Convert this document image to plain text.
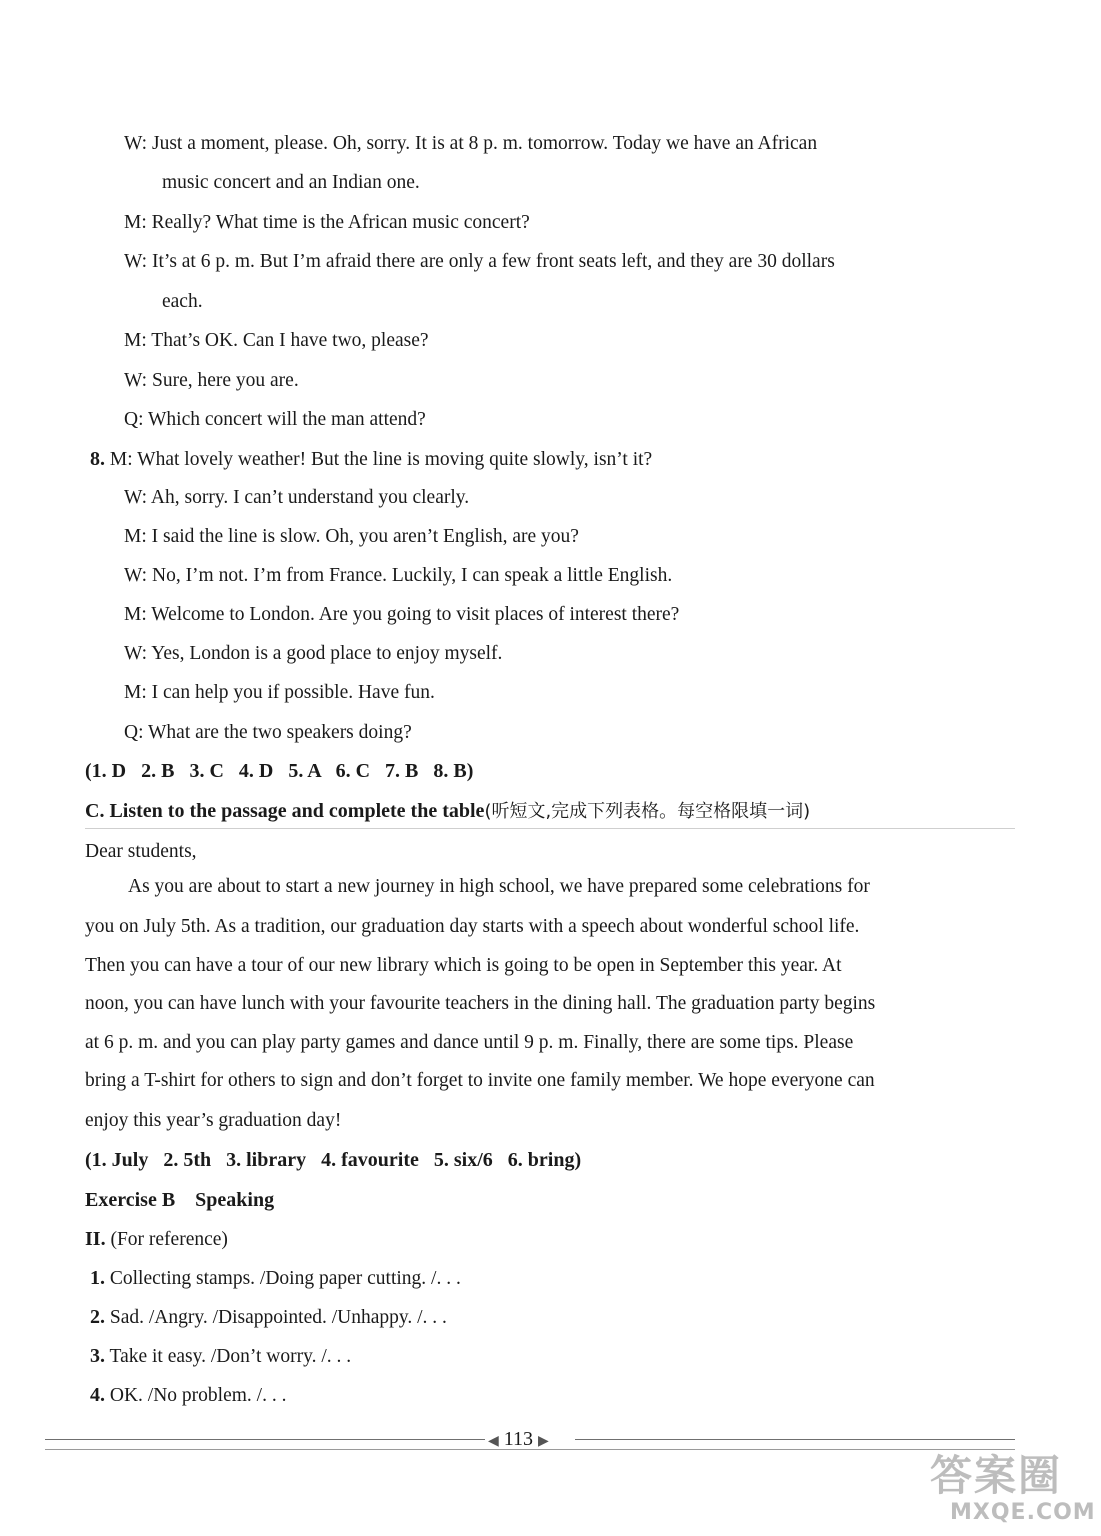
W: Just a moment, please. Oh, sorry. It is at 8 p. m. tomorrow. Today we have an African
music concert and an Indian one.
M: Really? What time is the African music concert?
W: It’s at 6 p. m. But I’m afraid there are only a few front seats left, and they are 30 dollars
each.
M: That’s OK. Can I have two, please?
W: Sure, here you are.
Q: Which concert will the man attend?
8. M: What lovely weather! But the line is moving quite slowly, isn’t it?
W: Ah, sorry. I can’t understand you clearly.
M: I said the line is slow. Oh, you aren’t English, are you?
W: No, I’m not. I’m from France. Luckily, I can speak a little English.
M: Welcome to London. Are you going to visit places of interest there?
W: Yes, London is a good place to enjoy myself.
M: I can help you if possible. Have fun.
Q: What are the two speakers doing?
(1. D   2. B   3. C   4. D   5. A   6. C   7. B   8. B)
C. Listen to the passage and complete the table(听短文,完成下列表格。每空格限填一词)
Dear students,
As you are about to start a new journey in high school, we have prepared some celebrations for
you on July 5th. As a tradition, our graduation day starts with a speech about wonderful school life.
Then you can have a tour of our new library which is going to be open in September this year. At
noon, you can have lunch with your favourite teachers in the dining hall. The graduation party begins
at 6 p. m. and you can play party games and dance until 9 p. m. Finally, there are some tips. Please
bring a T-shirt for others to sign and don’t forget to invite one family member. We hope everyone can
enjoy this year’s graduation day!
(1. July   2. 5th   3. library   4. favourite   5. six/6   6. bring)
Exercise B    Speaking
II. (For reference)
1. Collecting stamps. /Doing paper cutting. /. . .
2. Sad. /Angry. /Disappointed. /Unhappy. /. . .
3. Take it easy. /Don’t worry. /. . .
4. OK. /No problem. /. . .
◀ 113 ▶
答案圈
MXQE.COM
